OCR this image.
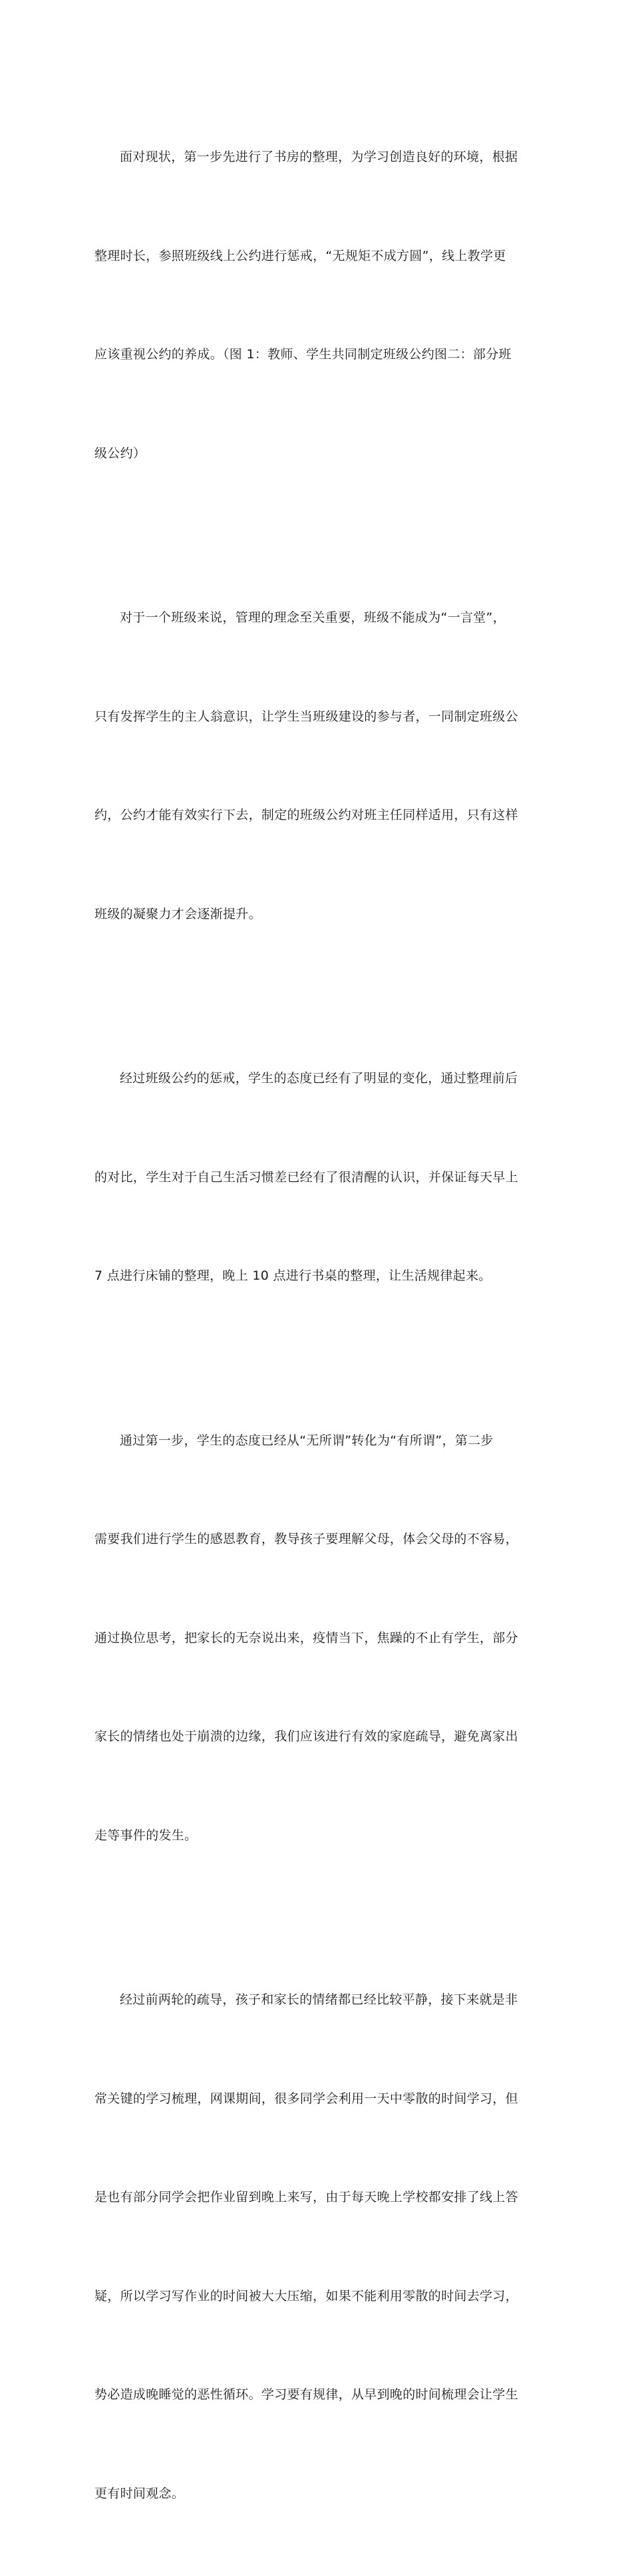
面对现状，第一步先进行了书房的整理，为学习创造良好的环境，根据

整理时长，参照班级线上公约进行惩戒，“无规矩不成方圆”，线上教学更

应该重视公约的养成。（图 1：教师、学生共同制定班级公约图二：部分班

级公约）

对于一个班级来说，管理的理念至关重要，班级不能成为“一言堂”，

只有发挥学生的主人翁意识，让学生当班级建设的参与者，一同制定班级公

约，公约才能有效实行下去，制定的班级公约对班主任同样适用，只有这样

班级的凝聚力才会逐渐提升。

经过班级公约的惩戒，学生的态度已经有了明显的变化，通过整理前后

的对比，学生对于自己生活习惯差已经有了很清醒的认识，并保证每天早上

7 点进行床铺的整理，晚上 10 点进行书桌的整理，让生活规律起来。

通过第一步，学生的态度已经从“无所谓”转化为“有所谓”，第二步

需要我们进行学生的感恩教育，教导孩子要理解父母，体会父母的不容易，

通过换位思考，把家长的无奈说出来，疫情当下，焦躁的不止有学生，部分

家长的情绪也处于崩溃的边缘，我们应该进行有效的家庭疏导，避免离家出

走等事件的发生。

经过前两轮的疏导，孩子和家长的情绪都已经比较平静，接下来就是非

常关键的学习梳理，网课期间，很多同学会利用一天中零散的时间学习，但

是也有部分同学会把作业留到晚上来写，由于每天晚上学校都安排了线上答

疑，所以学习写作业的时间被大大压缩，如果不能利用零散的时间去学习，

势必造成晚睡觉的恶性循环。学习要有规律，从早到晚的时间梳理会让学生

更有时间观念。
